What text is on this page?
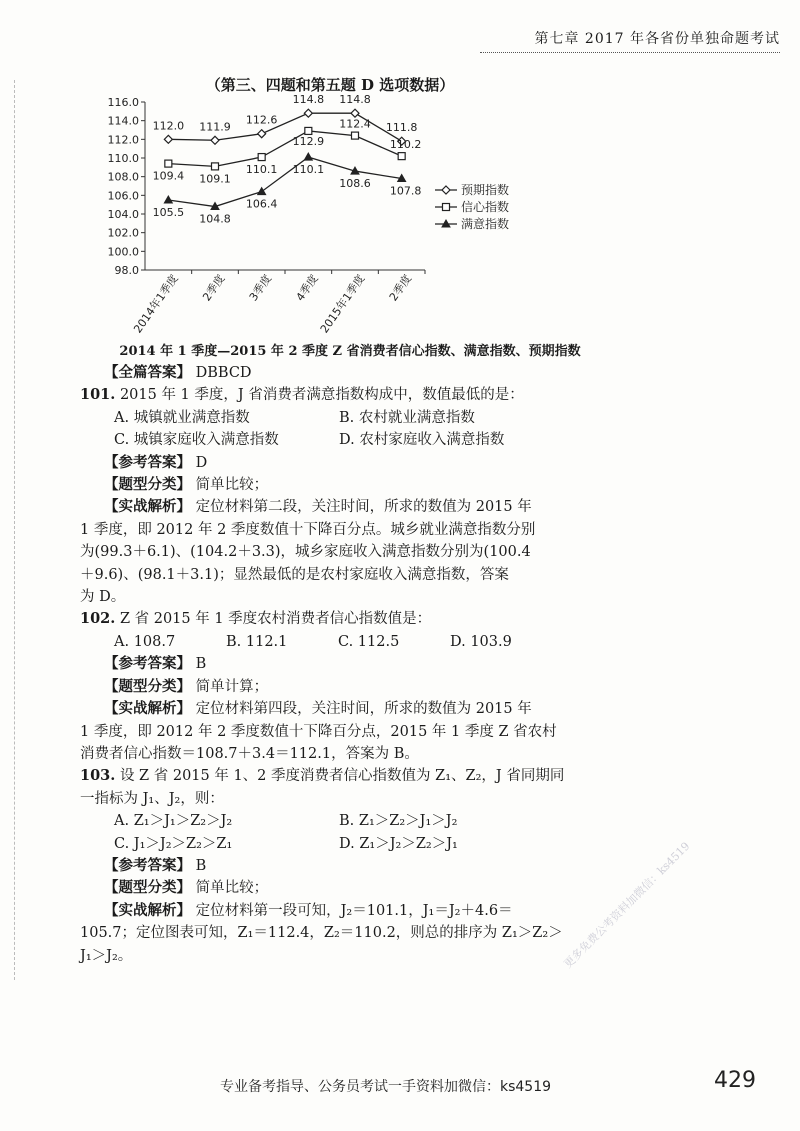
第七章 2017 年各省份单独命题考试
（第三、四题和第五题 D 选项数据）
116.0
114.0
112.0
110.0
108.0
106.0
104.0
102.0
100.0
98.0
2014年1季度 2季度 3季度 4季度
2015年1季度 2季度
112.0 111.9
112.6
114.8 114.8
111.8
109.4 109.1
110.1
112.9
112.4
110.2
105.5
104.8
106.4
110.1
108.6
107.8	预期指数
信心指数
满意指数
2014 年 1 季度—2015 年 2 季度 Z 省消费者信心指数、满意指数、预期指数
【全篇答案】 DBBCD
101. 2015 年 1 季度，J 省消费者满意指数构成中，数值最低的是：
A. 城镇就业满意指数	B. 农村就业满意指数
C. 城镇家庭收入满意指数	D. 农村家庭收入满意指数
【参考答案】 D
【题型分类】 简单比较；
【实战解析】 定位材料第二段，关注时间，所求的数值为 2015 年
1 季度，即 2012 年 2 季度数值十下降百分点。城乡就业满意指数分别
为(99.3＋6.1)、(104.2＋3.3)，城乡家庭收入满意指数分别为(100.4
＋9.6)、(98.1＋3.1)；显然最低的是农村家庭收入满意指数，答案
为 D。
102. Z 省 2015 年 1 季度农村消费者信心指数值是：
A. 108.7	B. 112.1	C. 112.5	D. 103.9
【参考答案】 B
【题型分类】 简单计算；
【实战解析】 定位材料第四段，关注时间，所求的数值为 2015 年
1 季度，即 2012 年 2 季度数值十下降百分点，2015 年 1 季度 Z 省农村
消费者信心指数＝108.7＋3.4＝112.1，答案为 B。
103. 设 Z 省 2015 年 1、2 季度消费者信心指数值为 Z₁、Z₂，J 省同期同
一指标为 J₁、J₂，则：
A. Z₁＞J₁＞Z₂＞J₂	B. Z₁＞Z₂＞J₁＞J₂
C. J₁＞J₂＞Z₂＞Z₁	D. Z₁＞J₂＞Z₂＞J₁
【参考答案】 B
【题型分类】 简单比较；
【实战解析】 定位材料第一段可知，J₂＝101.1，J₁＝J₂＋4.6＝
105.7；定位图表可知，Z₁＝112.4，Z₂＝110.2，则总的排序为 Z₁＞Z₂＞
J₁＞J₂。	更多免费公考资料加微信：ks4519
专业备考指导、公务员考试一手资料加微信：ks4519	429
